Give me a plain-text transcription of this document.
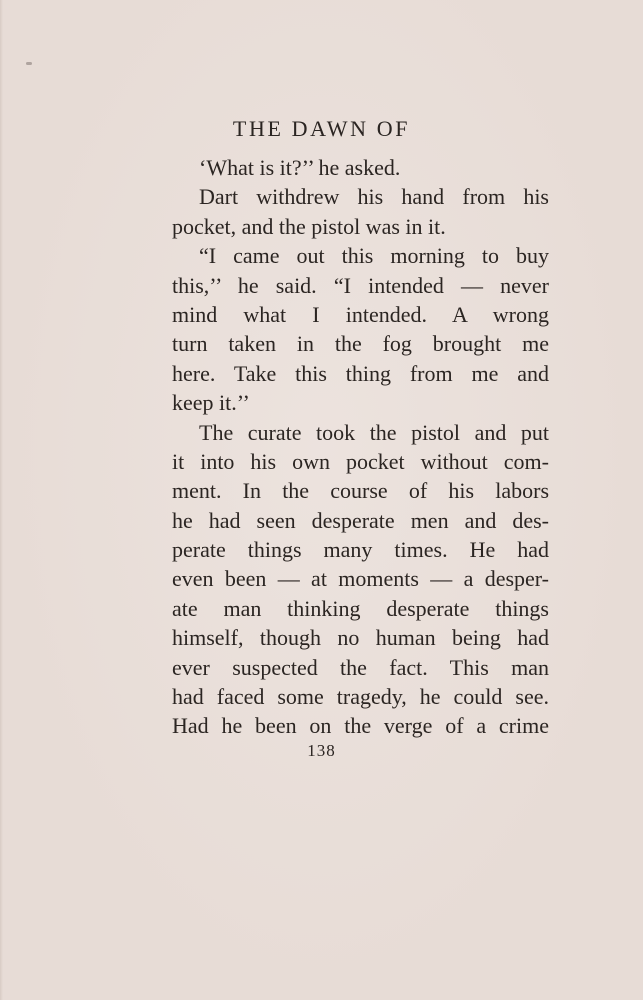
THE DAWN OF
‘What is it?’’ he asked.
Dart withdrew his hand from his
pocket, and the pistol was in it.
“I came out this morning to buy
this,’’ he said. “I intended — never
mind what I intended. A wrong
turn taken in the fog brought me
here. Take this thing from me and
keep it.’’
The curate took the pistol and put
it into his own pocket without com-
ment. In the course of his labors
he had seen desperate men and des-
perate things many times. He had
even been — at moments — a desper-
ate man thinking desperate things
himself, though no human being had
ever suspected the fact. This man
had faced some tragedy, he could see.
Had he been on the verge of a crime
138
